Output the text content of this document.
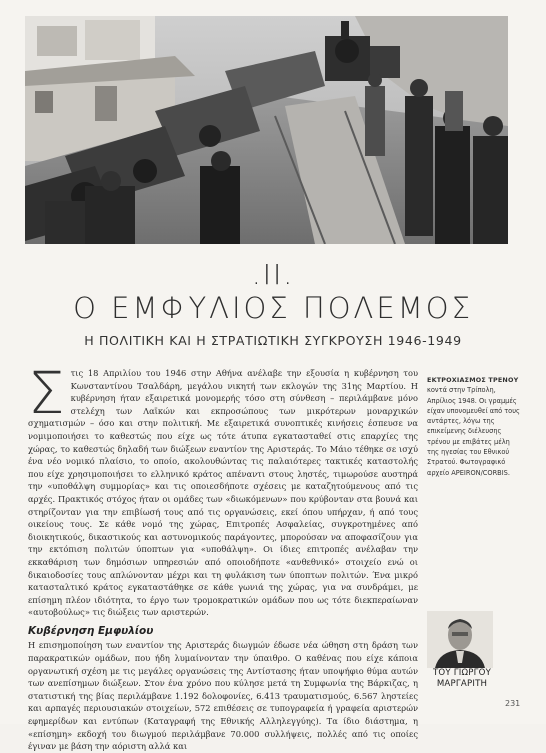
.II.
Ο ΕΜΦΥΛΙΟΣ ΠΟΛΕΜΟΣ
Η ΠΟΛΙΤΙΚΗ ΚΑΙ Η ΣΤΡΑΤΙΩΤΙΚΗ ΣΥΓΚΡΟΥΣΗ 1946-1949

Στις 18 Απριλίου του 1946 στην Αθήνα ανέλαβε την εξουσία η κυβέρνηση του Κωνσταντίνου Τσαλδάρη, μεγάλου νικητή των εκλογών της 31ης Μαρτίου. Η κυβέρνηση ήταν εξαιρετικά μονομερής τόσο στη σύνθεση – περιλάμβανε μόνο στελέχη των Λαϊκών και εκπροσώπους των μικρότερων μοναρχικών σχηματισμών – όσο και στην πολιτική. Με εξαιρετικά συνοπτικές κινήσεις έσπευσε να νομιμοποιήσει το καθεστώς που είχε ως τότε άτυπα εγκατασταθεί στις επαρχίες της χώρας, το καθεστώς δηλαδή των διώξεων εναντίον της Αριστεράς. Το Μάιο τέθηκε σε ισχύ ένα νέο νομικό πλαίσιο, το οποίο, ακολουθώντας τις παλαιότερες τακτικές καταστολής που είχε χρησιμοποιήσει το ελληνικό κράτος απέναντι στους ληστές, τιμωρούσε αυστηρά την «υποθάλψη συμμορίας» και τις οποιεσδήποτε σχέσεις με καταζητούμενους από τις αρχές. Πρακτικός στόχος ήταν οι ομάδες των «διωκόμενων» που κρύβονταν στα βουνά και στηρίζονταν για την επιβίωσή τους από τις οργανώσεις, εκεί όπου υπήρχαν, ή από τους οικείους τους. Σε κάθε νομό της χώρας, Επιτροπές Ασφαλείας, συγκροτημένες από διοικητικούς, δικαστικούς και αστυνομικούς παράγοντες, μπορούσαν να αποφασίζουν για την εκτόπιση πολιτών ύποπτων για «υποθάλψη». Οι ίδιες επιτροπές ανέλαβαν την εκκαθάριση των δημόσιων υπηρεσιών από οποιοδήποτε «ανθεθνικό» στοιχείο ενώ οι δικαιοδοσίες τους απλώνονταν μέχρι και τη φυλάκιση των ύποπτων πολιτών. Ένα μικρό κατασταλτικό κράτος εγκαταστάθηκε σε κάθε γωνιά της χώρας, για να συνδράμει, με επίσημη πλέον ιδιότητα, το έργο των τρομοκρατικών ομάδων που ως τότε διεκπεραίωναν «αυτοβούλως» τις διώξεις των αριστερών.

Κυβέρνηση Εμφυλίου

Η επισημοποίηση των εναντίον της Αριστεράς διωγμών έδωσε νέα ώθηση στη δράση των παρακρατικών ομάδων, που ήδη λυμαίνονταν την ύπαιθρο. Ο καθένας που είχε κάποια οργανωτική σχέση με τις μεγάλες οργανώσεις της Αντίστασης ήταν υποψήφιο θύμα αυτών των ανεπίσημων διώξεων. Στον ένα χρόνο που κύλησε μετά τη Συμφωνία της Βάρκιζας, η στατιστική της βίας περιλάμβανε 1.192 δολοφονίες, 6.413 τραυματισμούς, 6.567 ληστείες και αρπαγές περιουσιακών στοιχείων, 572 επιθέσεις σε τυπογραφεία ή γραφεία αριστερών εφημερίδων και εντύπων (Καταγραφή της Εθνικής Αλληλεγγύης). Τα ίδιο διάστημα, η «επίσημη» εκδοχή του διωγμού περιλάμβανε 70.000 συλλήψεις, πολλές από τις οποίες έγιναν με βάση την αόριστη αλλά και

ΕΚΤΡΟΧΙΑΣΜΟΣ ΤΡΕΝΟΥ
κοντά στην Τρίπολη, Απρίλιος 1948. Οι γραμμές είχαν υπονομευθεί από τους αντάρτες, λόγω της επικείμενης διέλευσης τρένου με επιβάτες μέλη της ηγεσίας του Εθνικού Στρατού. Φωτογραφικό αρχείο APEIRON/CORBIS.
ΤΟΥ ΓΙΩΡΓΟΥ
ΜΑΡΓΑΡΙΤΗ
231
